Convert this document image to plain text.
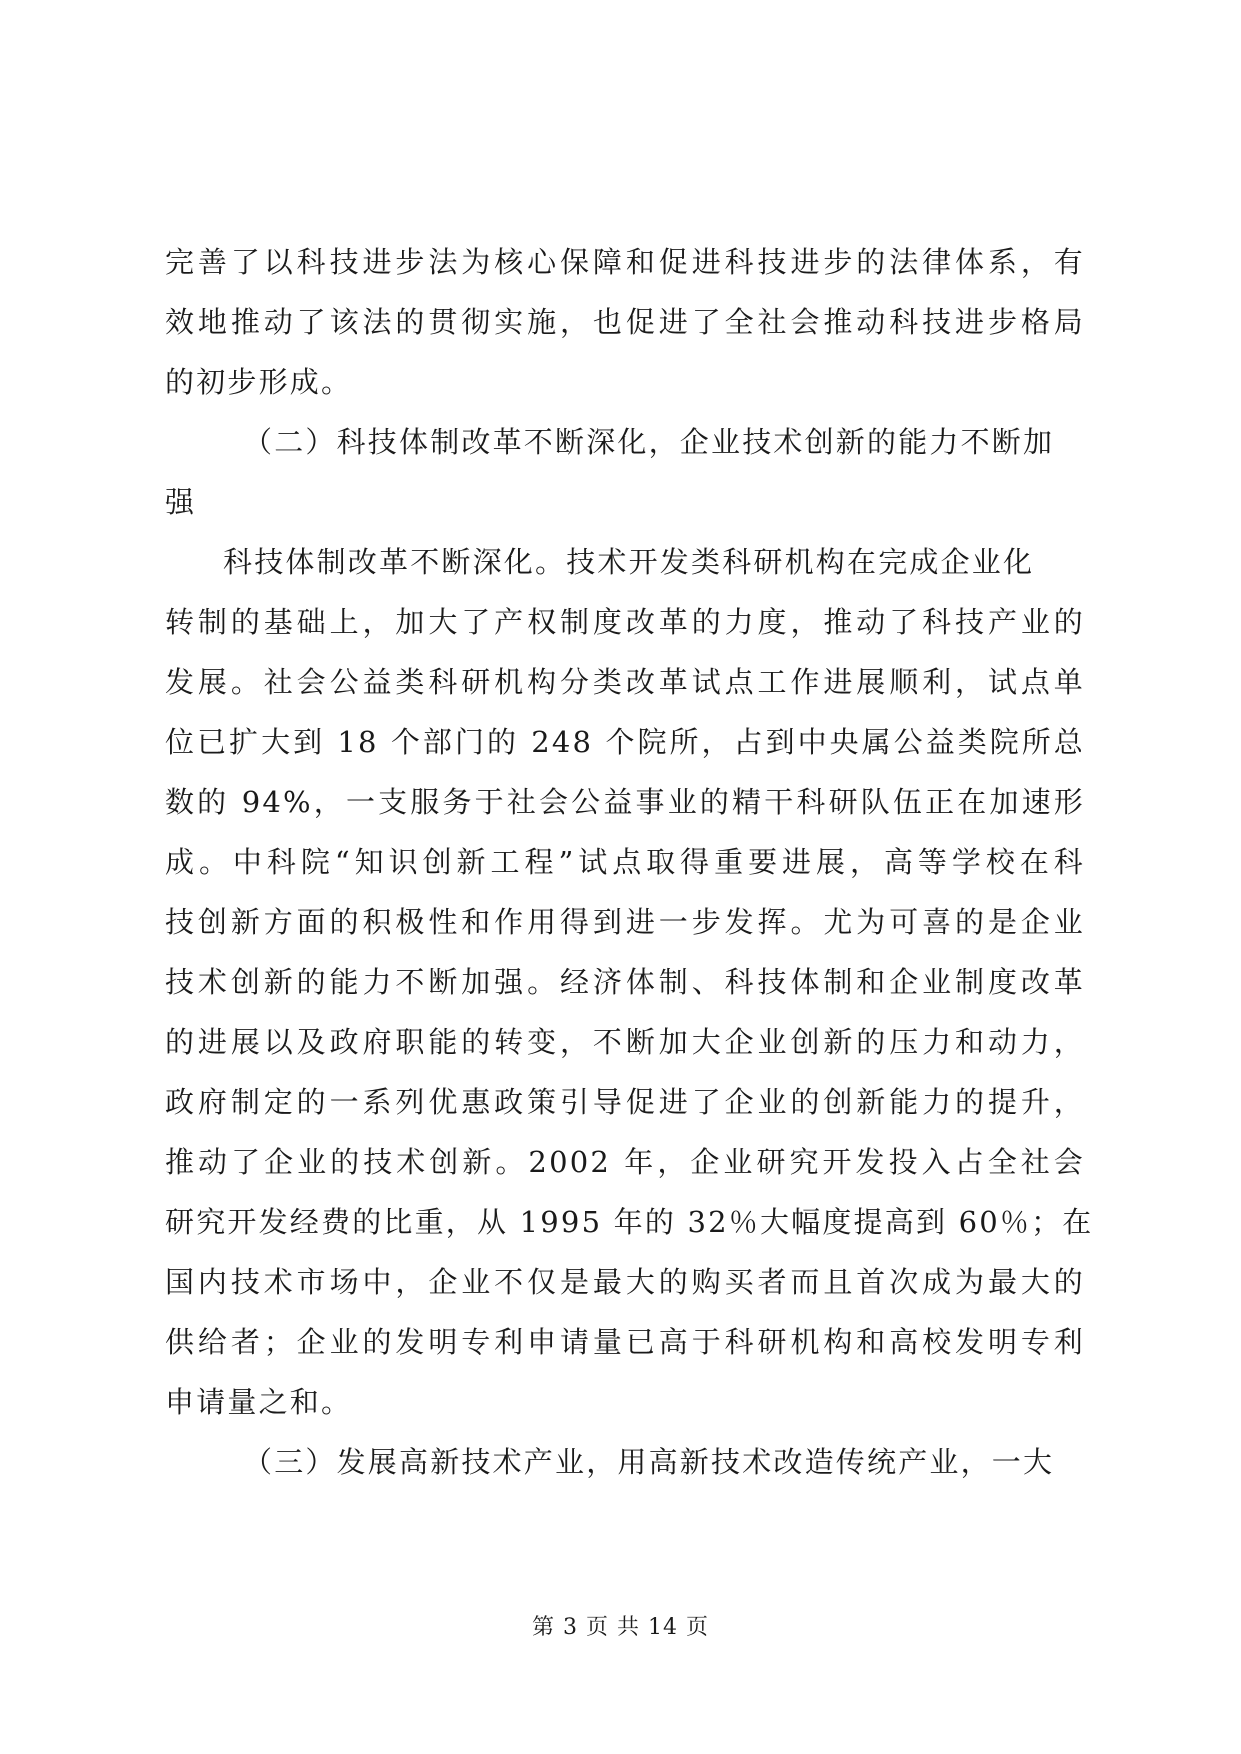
完善了以科技进步法为核心保障和促进科技进步的法律体系，有
效地推动了该法的贯彻实施，也促进了全社会推动科技进步格局
的初步形成。
（二）科技体制改革不断深化，企业技术创新的能力不断加
强
科技体制改革不断深化。技术开发类科研机构在完成企业化
转制的基础上，加大了产权制度改革的力度，推动了科技产业的
发展。社会公益类科研机构分类改革试点工作进展顺利，试点单
位已扩大到 18 个部门的 248 个院所，占到中央属公益类院所总
数的 94%，一支服务于社会公益事业的精干科研队伍正在加速形
成。中科院“知识创新工程”试点取得重要进展，高等学校在科
技创新方面的积极性和作用得到进一步发挥。尤为可喜的是企业
技术创新的能力不断加强。经济体制、科技体制和企业制度改革
的进展以及政府职能的转变，不断加大企业创新的压力和动力，
政府制定的一系列优惠政策引导促进了企业的创新能力的提升，
推动了企业的技术创新。2002 年，企业研究开发投入占全社会
研究开发经费的比重，从 1995 年的 32％大幅度提高到 60％；在
国内技术市场中，企业不仅是最大的购买者而且首次成为最大的
供给者；企业的发明专利申请量已高于科研机构和高校发明专利
申请量之和。
（三）发展高新技术产业，用高新技术改造传统产业，一大
第 3 页 共 14 页
